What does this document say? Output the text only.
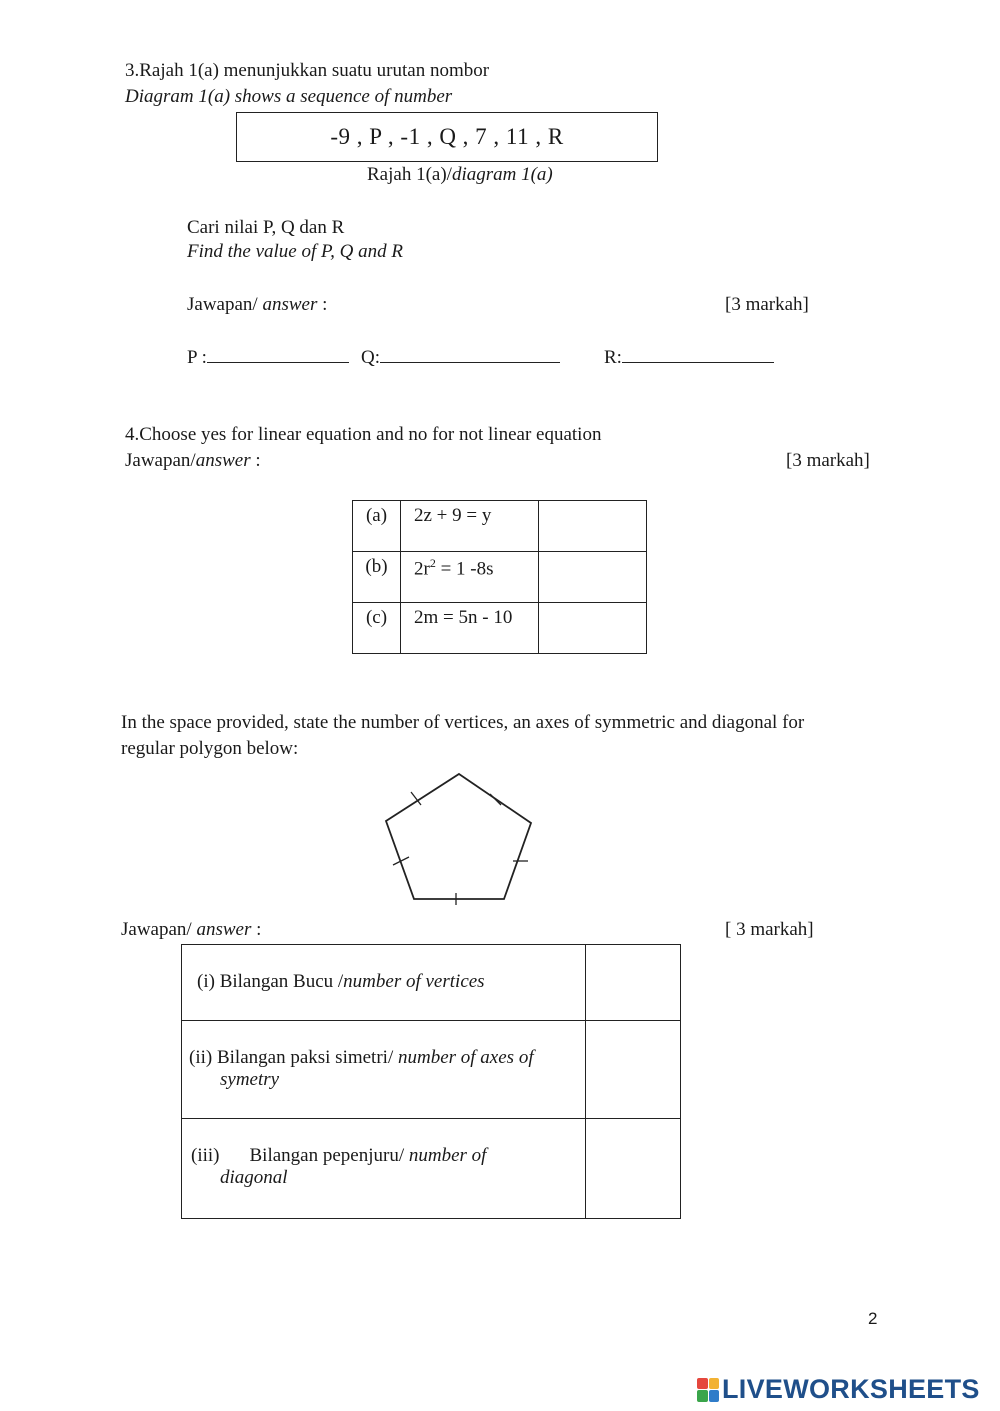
3.Rajah 1(a) menunjukkan suatu urutan nombor
Diagram 1(a) shows a sequence of number
-9 , P , -1 , Q , 7 , 11 , R
Rajah 1(a)/diagram 1(a)
Cari nilai P, Q dan R
Find the value of P, Q and R
Jawapan/ answer :	[3 markah]
P :	Q:	R:
4.Choose yes for linear equation and no for not linear equation
Jawapan/answer :	[3 markah]
(a)	2z + 9 = y	
(b)	$2r^2 = 1$ -8s	
(c)	2m = 5n - 10	
In the space provided, state the number of vertices, an axes of symmetric and diagonal for
regular polygon below:
Jawapan/ answer :	[ 3 markah]
(i) Bilangan Bucu /number of vertices	

(ii) Bilangan paksi simetri/ number of axes of
symetry	

(iii) Bilangan pepenjuru/ number of
diagonal	

2
LIVEWORKSHEETS
